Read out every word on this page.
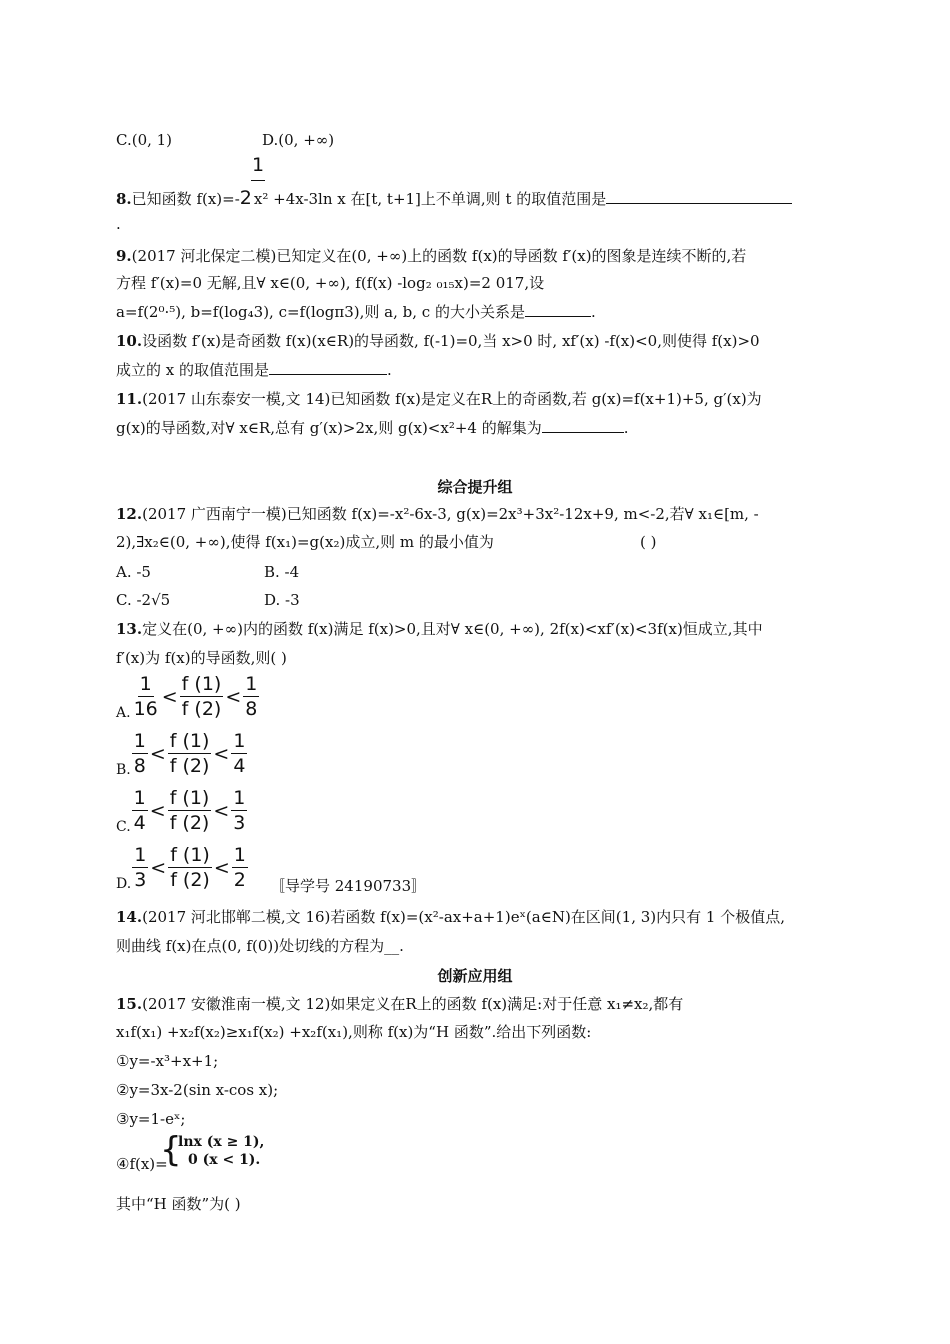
C.(0, 1)	D.(0, +∞)
1
8.已知函数 f(x)=-2 x² +4x-3ln x 在[t, t+1]上不单调,则 t 的取值范围是
.
9.(2017 河北保定二模)已知定义在(0, +∞)上的函数 f(x)的导函数 f′(x)的图象是连续不断的,若
方程 f′(x)=0 无解,且∀ x∈(0, +∞), f(f(x) -log₂ ₀₁₅x)=2 017,设
a=f(2⁰·⁵), b=f(log₄3), c=f(logπ3),则 a, b, c 的大小关系是	.
10.设函数 f′(x)是奇函数 f(x)(x∈R)的导函数, f(-1)=0,当 x>0 时, xf′(x) -f(x)<0,则使得 f(x)>0
成立的 x 的取值范围是	.
11.(2017 山东泰安一模,文 14)已知函数 f(x)是定义在R上的奇函数,若 g(x)=f(x+1)+5, g′(x)为
g(x)的导函数,对∀ x∈R,总有 g′(x)>2x,则 g(x)<x²+4 的解集为	.
综合提升组
12.(2017 广西南宁一模)已知函数 f(x)=-x²-6x-3, g(x)=2x³+3x²-12x+9, m<-2,若∀ x₁∈[m, -
2),∃x₂∈(0, +∞),使得 f(x₁)=g(x₂)成立,则 m 的最小值为	( )
A. -5	B. -4
C. -2√5	D. -3
13.定义在(0, +∞)内的函数 f(x)满足 f(x)>0,且对∀ x∈(0, +∞), 2f(x)<xf′(x)<3f(x)恒成立,其中
f′(x)为 f(x)的导函数,则( )
A. $\frac{1}{16} < \frac{f (1)}{f (2)} < \frac{1}{8}$
B. $\frac{1}{8} < \frac{f (1)}{f (2)} < \frac{1}{4}$
C. $\frac{1}{4} < \frac{f (1)}{f (2)} < \frac{1}{3}$
D. $\frac{1}{3} < \frac{f (1)}{f (2)} < \frac{1}{2}$ 〚导学号 24190733〛
14.(2017 河北邯郸二模,文 16)若函数 f(x)=(x²-ax+a+1)eˣ(a∈N)在区间(1, 3)内只有 1 个极值点,
则曲线 f(x)在点(0, f(0))处切线的方程为__.
创新应用组
15.(2017 安徽淮南一模,文 12)如果定义在R上的函数 f(x)满足:对于任意 x₁≠x₂,都有
x₁f(x₁) +x₂f(x₂)≥x₁f(x₂) +x₂f(x₁),则称 f(x)为“H 函数”.给出下列函数:
①y=-x³+x+1;
②y=3x-2(sin x-cos x);
③y=1-eˣ;
④f(x)=
{
lnx (x ≥ 1),
0 (x < 1).
其中“H 函数”为( )
